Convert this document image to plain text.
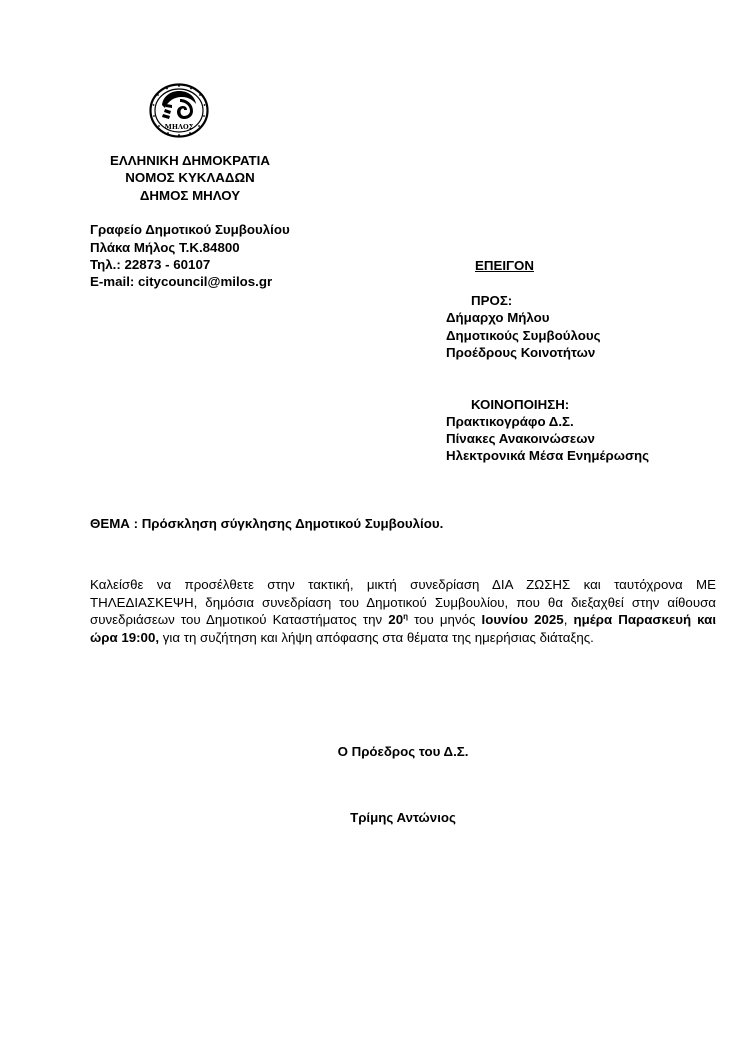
ΜΗΛΟΣ
ΕΛΛΗΝΙΚΗ ΔΗΜΟΚΡΑΤΙΑ
ΝΟΜΟΣ ΚΥΚΛΑΔΩΝ
ΔΗΜΟΣ ΜΗΛΟΥ
Γραφείο Δημοτικού Συμβουλίου
Πλάκα Μήλος Τ.Κ.84800
Τηλ.: 22873 - 60107
E-mail: citycouncil@milos.gr
ΕΠΕΙΓΟΝ
ΠΡΟΣ:
Δήμαρχο Μήλου
Δημοτικούς Συμβούλους
Προέδρους Κοινοτήτων
ΚΟΙΝΟΠΟΙΗΣΗ:
Πρακτικογράφο Δ.Σ.
Πίνακες Ανακοινώσεων
Ηλεκτρονικά Μέσα Ενημέρωσης
ΘΕΜΑ : Πρόσκληση σύγκλησης Δημοτικού Συμβουλίου.
Καλείσθε να προσέλθετε στην τακτική, μικτή συνεδρίαση ΔΙΑ ΖΩΣΗΣ και ταυτόχρονα ΜΕ ΤΗΛΕΔΙΑΣΚΕΨΗ, δημόσια συνεδρίαση του Δημοτικού Συμβουλίου, που θα διεξαχθεί στην αίθουσα συνεδριάσεων του Δημοτικού Καταστήματος την $20^\eta$ του μηνός Ιουνίου 2025, ημέρα Παρασκευή και ώρα 19:00, για τη συζήτηση και λήψη απόφασης στα θέματα της ημερήσιας διάταξης.
Ο Πρόεδρος του Δ.Σ.
Τρίμης Αντώνιος
